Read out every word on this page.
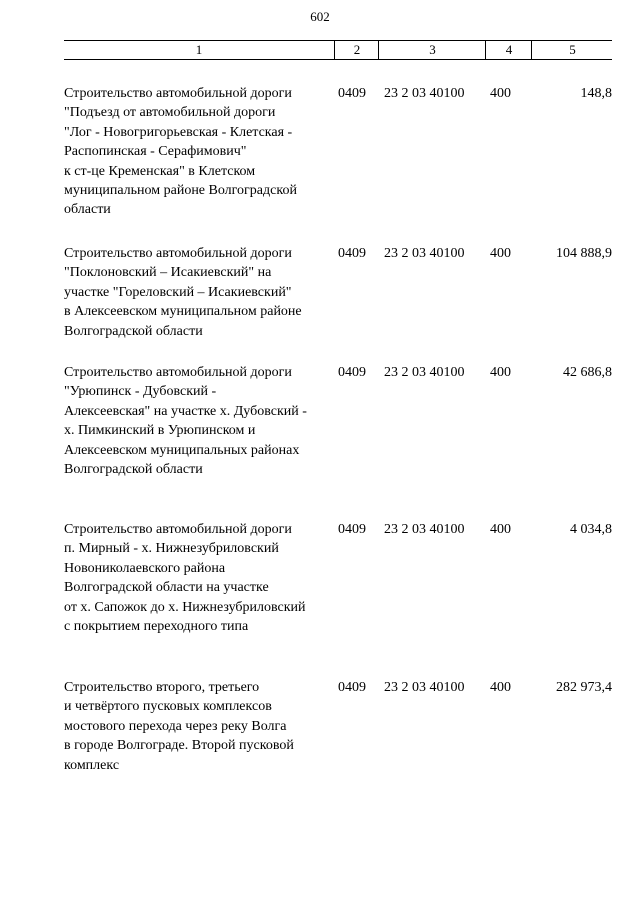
602
1	2	3	4	5
Строительство автомобильной дороги
"Подъезд от автомобильной дороги
"Лог - Новогригорьевская - Клетская -
Распопинская - Серафимович"
к ст-це Кременская" в Клетском
муниципальном районе Волгоградской
области
0409 23 2 03 40100 400	148,8
Строительство автомобильной дороги
"Поклоновский – Исакиевский" на
участке "Гореловский – Исакиевский"
в Алексеевском муниципальном районе
Волгоградской области
0409 23 2 03 40100 400	104 888,9
Строительство автомобильной дороги
"Урюпинск - Дубовский -
Алексеевская" на участке х. Дубовский -
х. Пимкинский в Урюпинском и
Алексеевском муниципальных районах
Волгоградской области
0409 23 2 03 40100 400	42 686,8
Строительство автомобильной дороги
п. Мирный - х. Нижнезубриловский
Новониколаевского района
Волгоградской области на участке
от х. Сапожок до х. Нижнезубриловский
с покрытием переходного типа
0409 23 2 03 40100 400	4 034,8
Строительство второго, третьего
и четвёртого пусковых комплексов
мостового перехода через реку Волга
в городе Волгограде. Второй пусковой
комплекс
0409 23 2 03 40100 400	282 973,4
